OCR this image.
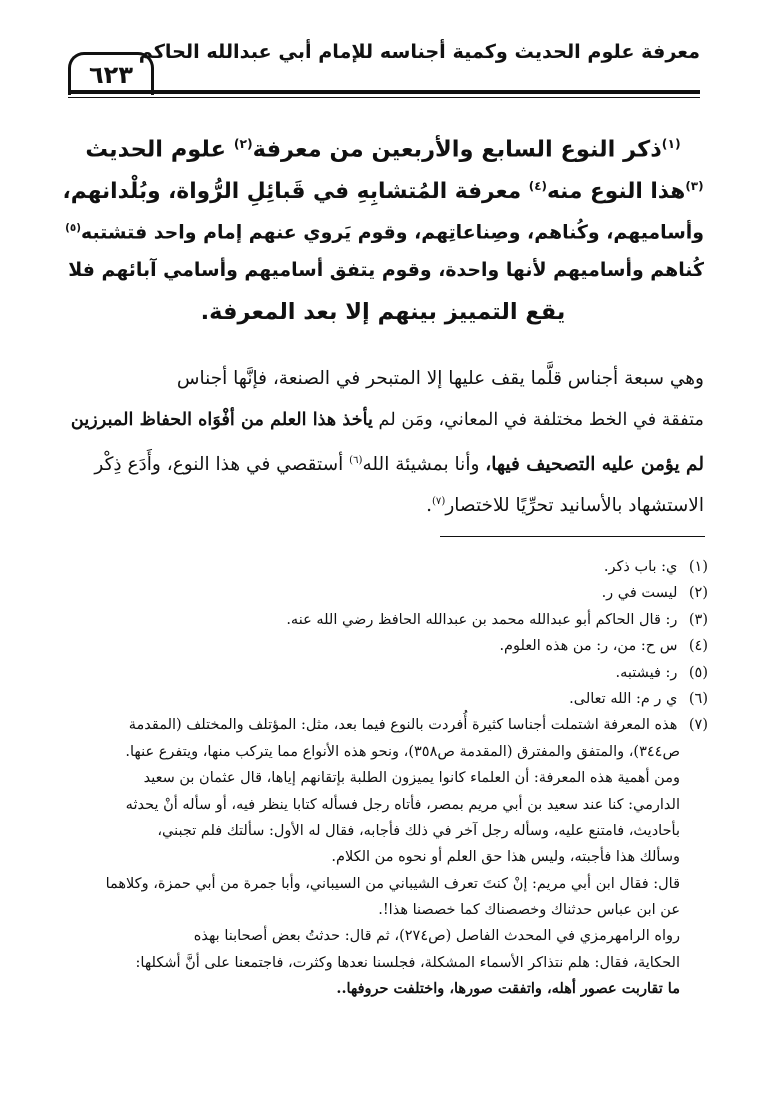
معرفة علوم الحديث وكمية أجناسه للإمام أبي عبدالله الحاكم
٦٢٣
$^{(١)}$ذكر النوع السابع والأربعين من معرفة$^{(٢)}$ علوم الحديث
$^{(٣)}$هذا النوع منه$^{(٤)}$ معرفة المُتشابِهِ في قَبائِلِ الرُّواة، وبُلْدانهم،
وأساميهم، وكُناهم، وصِناعاتِهم، وقوم يَروي عنهم إمام واحد فتشتبه$^{(٥)}$
كُناهم وأساميهم لأنها واحدة، وقوم يتفق أساميهم وأسامي آبائهم فلا
يقع التمييز بينهم إلا بعد المعرفة.
وهي سبعة أجناس قلَّما يقف عليها إلا المتبحر في الصنعة، فإنَّها أجناس
متفقة في الخط مختلفة في المعاني، ومَن لم يأخذ هذا العلم من أفْوَاه الحفاظ المبرزين
لم يؤمن عليه التصحيف فيها، وأنا بمشيئة الله$^{(٦)}$ أستقصي في هذا النوع، وأَدَع ذِكْر
الاستشهاد بالأسانيد تحرِّيًا للاختصار$^{(٧)}$.
(١) ي: باب ذكر.
(٢) ليست في ر.
(٣) ر: قال الحاكم أبو عبدالله محمد بن عبدالله الحافظ رضي الله عنه.
(٤) س ح: من، ر: من هذه العلوم.
(٥) ر: فيشتبه.
(٦) ي ر م: الله تعالى.
(٧) هذه المعرفة اشتملت أجناسا كثيرة أُفردت بالنوع فيما بعد، مثل: المؤتلف والمختلف (المقدمة
ص٣٤٤)، والمتفق والمفترق (المقدمة ص٣٥٨)، ونحو هذه الأنواع مما يتركب منها، ويتفرع عنها.
ومن أهمية هذه المعرفة: أن العلماء كانوا يميزون الطلبة بإتقانهم إياها، قال عثمان بن سعيد
الدارمي: كنا عند سعيد بن أبي مريم بمصر، فأتاه رجل فسأله كتابا ينظر فيه، أو سأله أنْ يحدثه
بأحاديث، فامتنع عليه، وسأله رجل آخر في ذلك فأجابه، فقال له الأول: سألتك فلم تجبني،
وسألك هذا فأجبته، وليس هذا حق العلم أو نحوه من الكلام.
قال: فقال ابن أبي مريم: إنْ كنتَ تعرف الشيباني من السيباني، وأبا جمرة من أبي حمزة، وكلاهما
عن ابن عباس حدثناك وخصصناك كما خصصنا هذا!.
رواه الرامهرمزي في المحدث الفاصل (ص٢٧٤)، ثم قال: حدثتُ بعض أصحابنا بهذه
الحكاية، فقال: هلم نتذاكر الأسماء المشكلة، فجلسنا نعدها وكثرت، فاجتمعنا على أنَّ أشكلها:
ما تقاربت عصور أهله، واتفقت صورها، واختلفت حروفها..
